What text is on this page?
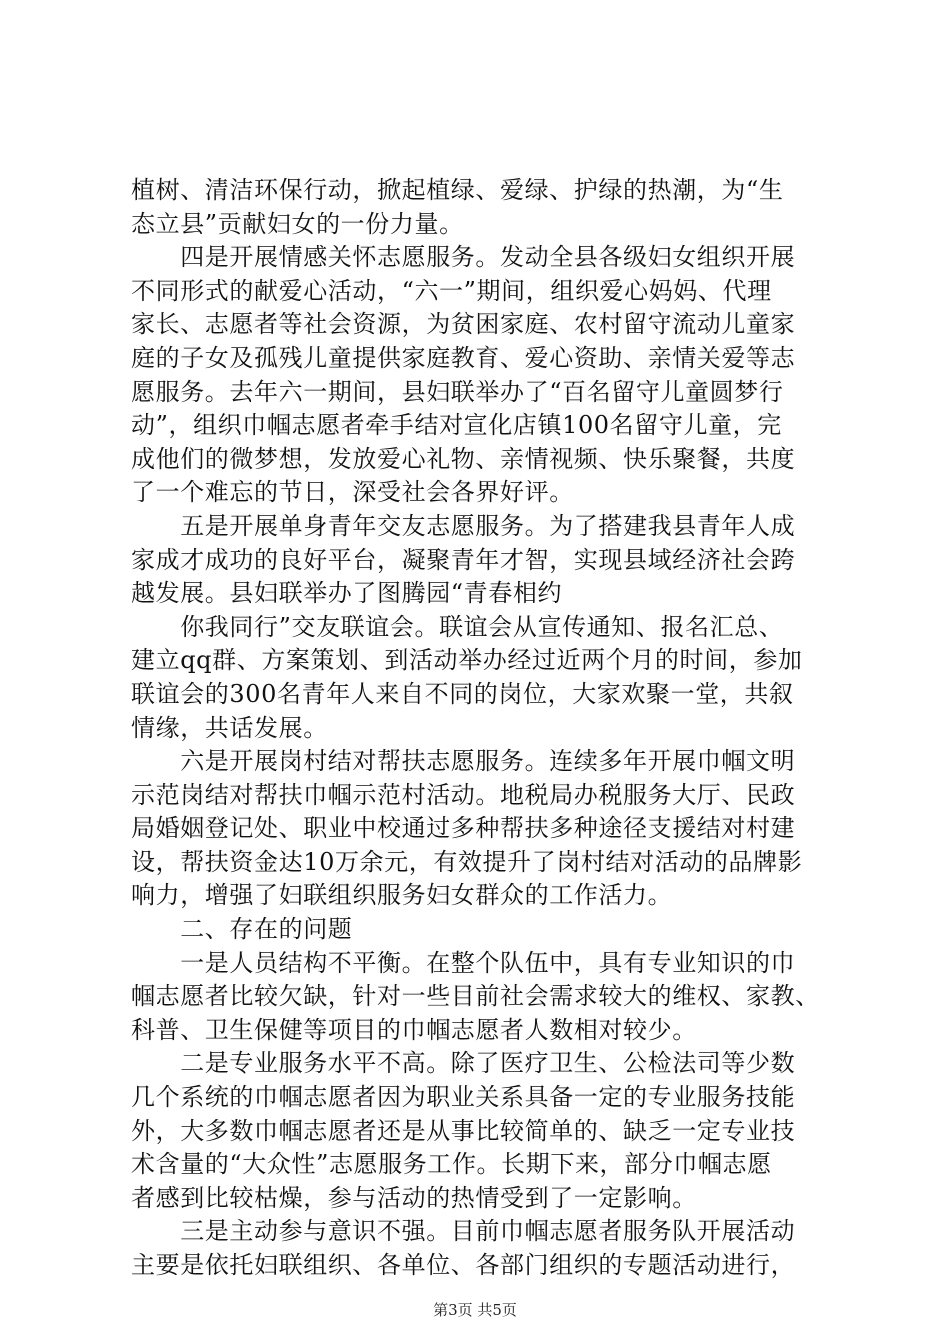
植树、清洁环保行动，掀起植绿、爱绿、护绿的热潮，为“生
态立县”贡献妇女的一份力量。
　　四是开展情感关怀志愿服务。发动全县各级妇女组织开展
不同形式的献爱心活动，“六一”期间，组织爱心妈妈、代理
家长、志愿者等社会资源，为贫困家庭、农村留守流动儿童家
庭的子女及孤残儿童提供家庭教育、爱心资助、亲情关爱等志
愿服务。去年六一期间，县妇联举办了“百名留守儿童圆梦行
动”，组织巾帼志愿者牵手结对宣化店镇100名留守儿童，完
成他们的微梦想，发放爱心礼物、亲情视频、快乐聚餐，共度
了一个难忘的节日，深受社会各界好评。
　　五是开展单身青年交友志愿服务。为了搭建我县青年人成
家成才成功的良好平台，凝聚青年才智，实现县域经济社会跨
越发展。县妇联举办了图腾园“青春相约
　　你我同行”交友联谊会。联谊会从宣传通知、报名汇总、
建立qq群、方案策划、到活动举办经过近两个月的时间，参加
联谊会的300名青年人来自不同的岗位，大家欢聚一堂，共叙
情缘，共话发展。
　　六是开展岗村结对帮扶志愿服务。连续多年开展巾帼文明
示范岗结对帮扶巾帼示范村活动。地税局办税服务大厅、民政
局婚姻登记处、职业中校通过多种帮扶多种途径支援结对村建
设，帮扶资金达10万余元，有效提升了岗村结对活动的品牌影
响力，增强了妇联组织服务妇女群众的工作活力。
　　二、存在的问题
　　一是人员结构不平衡。在整个队伍中，具有专业知识的巾
帼志愿者比较欠缺，针对一些目前社会需求较大的维权、家教、
科普、卫生保健等项目的巾帼志愿者人数相对较少。
　　二是专业服务水平不高。除了医疗卫生、公检法司等少数
几个系统的巾帼志愿者因为职业关系具备一定的专业服务技能
外，大多数巾帼志愿者还是从事比较简单的、缺乏一定专业技
术含量的“大众性”志愿服务工作。长期下来，部分巾帼志愿
者感到比较枯燥，参与活动的热情受到了一定影响。
　　三是主动参与意识不强。目前巾帼志愿者服务队开展活动
主要是依托妇联组织、各单位、各部门组织的专题活动进行，
第3页 共5页
